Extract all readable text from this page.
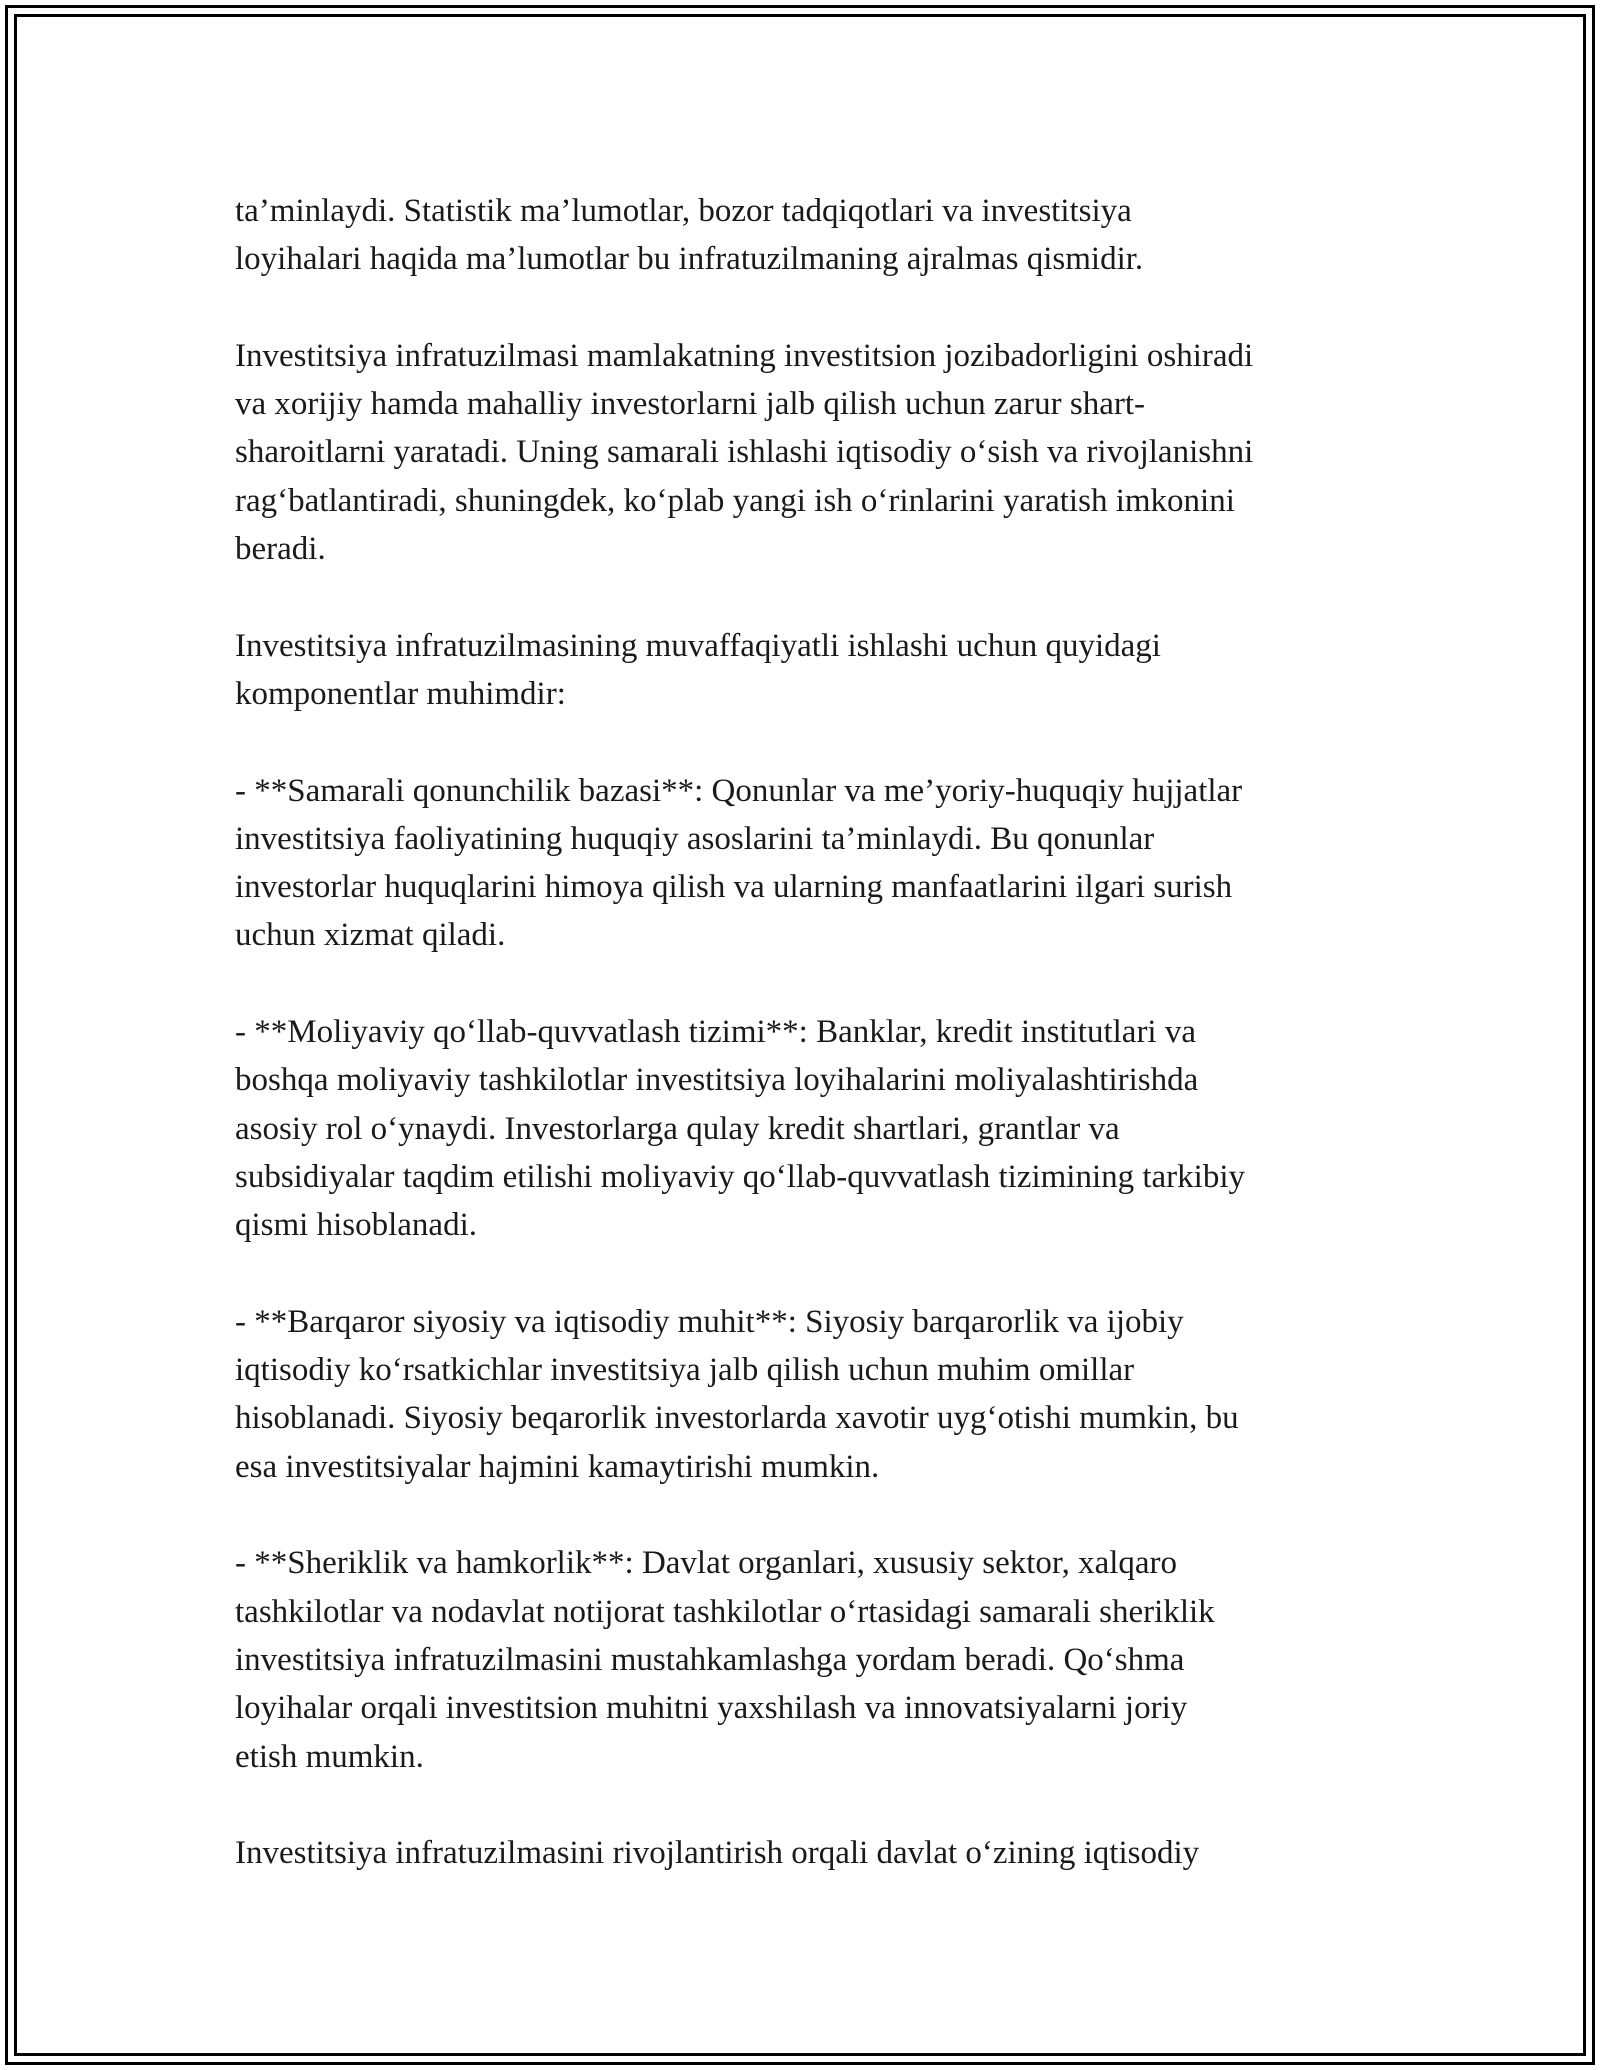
ta’minlaydi. Statistik ma’lumotlar, bozor tadqiqotlari va investitsiya
loyihalari haqida ma’lumotlar bu infratuzilmaning ajralmas qismidir.

Investitsiya infratuzilmasi mamlakatning investitsion jozibadorligini oshiradi
va xorijiy hamda mahalliy investorlarni jalb qilish uchun zarur shart-
sharoitlarni yaratadi. Uning samarali ishlashi iqtisodiy o‘sish va rivojlanishni
rag‘batlantiradi, shuningdek, ko‘plab yangi ish o‘rinlarini yaratish imkonini
beradi.

Investitsiya infratuzilmasining muvaffaqiyatli ishlashi uchun quyidagi
komponentlar muhimdir:

- **Samarali qonunchilik bazasi**: Qonunlar va me’yoriy-huquqiy hujjatlar
investitsiya faoliyatining huquqiy asoslarini ta’minlaydi. Bu qonunlar
investorlar huquqlarini himoya qilish va ularning manfaatlarini ilgari surish
uchun xizmat qiladi.

- **Moliyaviy qo‘llab-quvvatlash tizimi**: Banklar, kredit institutlari va
boshqa moliyaviy tashkilotlar investitsiya loyihalarini moliyalashtirishda
asosiy rol o‘ynaydi. Investorlarga qulay kredit shartlari, grantlar va
subsidiyalar taqdim etilishi moliyaviy qo‘llab-quvvatlash tizimining tarkibiy
qismi hisoblanadi.

- **Barqaror siyosiy va iqtisodiy muhit**: Siyosiy barqarorlik va ijobiy
iqtisodiy ko‘rsatkichlar investitsiya jalb qilish uchun muhim omillar
hisoblanadi. Siyosiy beqarorlik investorlarda xavotir uyg‘otishi mumkin, bu
esa investitsiyalar hajmini kamaytirishi mumkin.

- **Sheriklik va hamkorlik**: Davlat organlari, xususiy sektor, xalqaro
tashkilotlar va nodavlat notijorat tashkilotlar o‘rtasidagi samarali sheriklik
investitsiya infratuzilmasini mustahkamlashga yordam beradi. Qo‘shma
loyihalar orqali investitsion muhitni yaxshilash va innovatsiyalarni joriy
etish mumkin.

Investitsiya infratuzilmasini rivojlantirish orqali davlat o‘zining iqtisodiy
